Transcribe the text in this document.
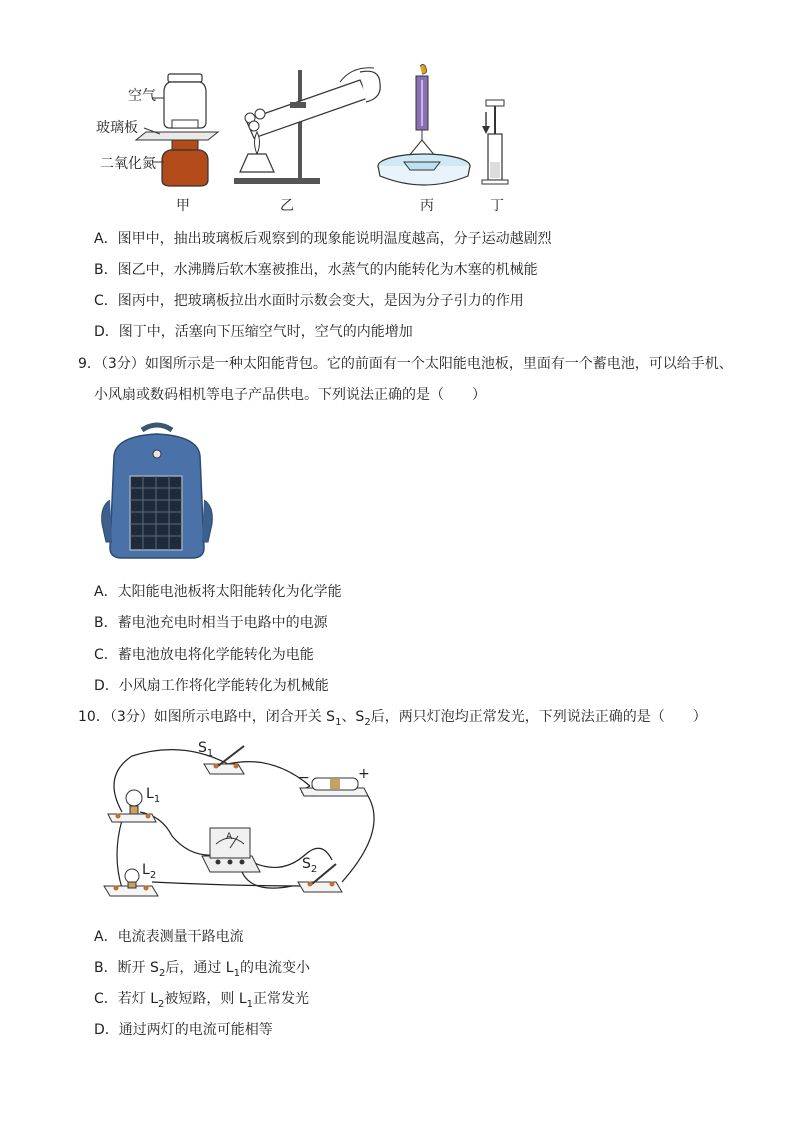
空气
玻璃板
二氧化氮
甲	乙	丙	丁
A．图甲中，抽出玻璃板后观察到的现象能说明温度越高，分子运动越剧烈
B．图乙中，水沸腾后软木塞被推出，水蒸气的内能转化为木塞的机械能
C．图丙中，把玻璃板拉出水面时示数会变大，是因为分子引力的作用
D．图丁中，活塞向下压缩空气时，空气的内能增加
9．（3分）如图所示是一种太阳能背包。它的前面有一个太阳能电池板，里面有一个蓄电池，可以给手机、
小风扇或数码相机等电子产品供电。下列说法正确的是（　　）
A．太阳能电池板将太阳能转化为化学能
B．蓄电池充电时相当于电路中的电源
C．蓄电池放电将化学能转化为电能
D．小风扇工作将化学能转化为机械能
10．（3分）如图所示电路中，闭合开关 $S_1$、$S_2$后，两只灯泡均正常发光，下列说法正确的是（　　）
$S_1$
−	+
$L_1$
A
$S_2$
$L_2$
A．电流表测量干路电流
B．断开 $S_2$后，通过 $L_1$的电流变小
C．若灯 $L_2$被短路，则 $L_1$正常发光
D．通过两灯的电流可能相等
